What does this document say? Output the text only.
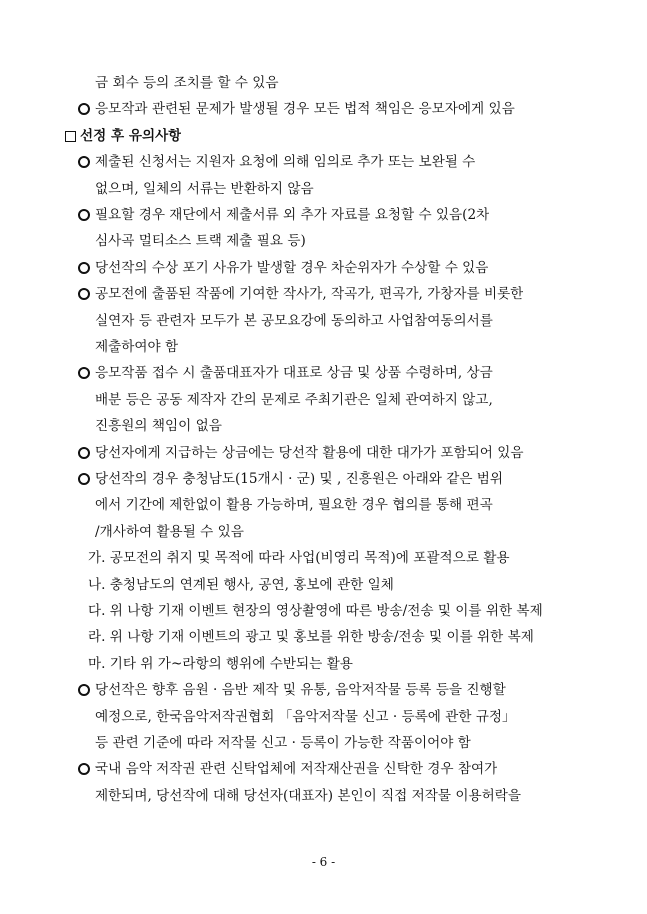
금 회수 등의 조치를 할 수 있음
응모작과 관련된 문제가 발생될 경우 모든 법적 책임은 응모자에게 있음
선정 후 유의사항
제출된 신청서는 지원자 요청에 의해 임의로 추가 또는 보완될 수
없으며, 일체의 서류는 반환하지 않음
필요할 경우 재단에서 제출서류 외 추가 자료를 요청할 수 있음(2차
심사곡 멀티소스 트랙 제출 필요 등)
당선작의 수상 포기 사유가 발생할 경우 차순위자가 수상할 수 있음
공모전에 출품된 작품에 기여한 작사가, 작곡가, 편곡가, 가창자를 비롯한
실연자 등 관련자 모두가 본 공모요강에 동의하고 사업참여동의서를
제출하여야 함
응모작품 접수 시 출품대표자가 대표로 상금 및 상품 수령하며, 상금
배분 등은 공동 제작자 간의 문제로 주최기관은 일체 관여하지 않고,
진흥원의 책임이 없음
당선자에게 지급하는 상금에는 당선작 활용에 대한 대가가 포함되어 있음
당선작의 경우 충청남도(15개시 · 군) 및 , 진흥원은 아래와 같은 범위
에서 기간에 제한없이 활용 가능하며, 필요한 경우 협의를 통해 편곡
/개사하여 활용될 수 있음
가. 공모전의 취지 및 목적에 따라 사업(비영리 목적)에 포괄적으로 활용
나. 충청남도의 연계된 행사, 공연, 홍보에 관한 일체
다. 위 나항 기재 이벤트 현장의 영상촬영에 따른 방송/전송 및 이를 위한 복제
라. 위 나항 기재 이벤트의 광고 및 홍보를 위한 방송/전송 및 이를 위한 복제
마. 기타 위 가~라항의 행위에 수반되는 활용
당선작은 향후 음원 · 음반 제작 및 유통, 음악저작물 등록 등을 진행할
예정으로, 한국음악저작권협회 「음악저작물 신고 · 등록에 관한 규정」
등 관련 기준에 따라 저작물 신고 · 등록이 가능한 작품이어야 함
국내 음악 저작권 관련 신탁업체에 저작재산권을 신탁한 경우 참여가
제한되며, 당선작에 대해 당선자(대표자) 본인이 직접 저작물 이용허락을
- 6 -
